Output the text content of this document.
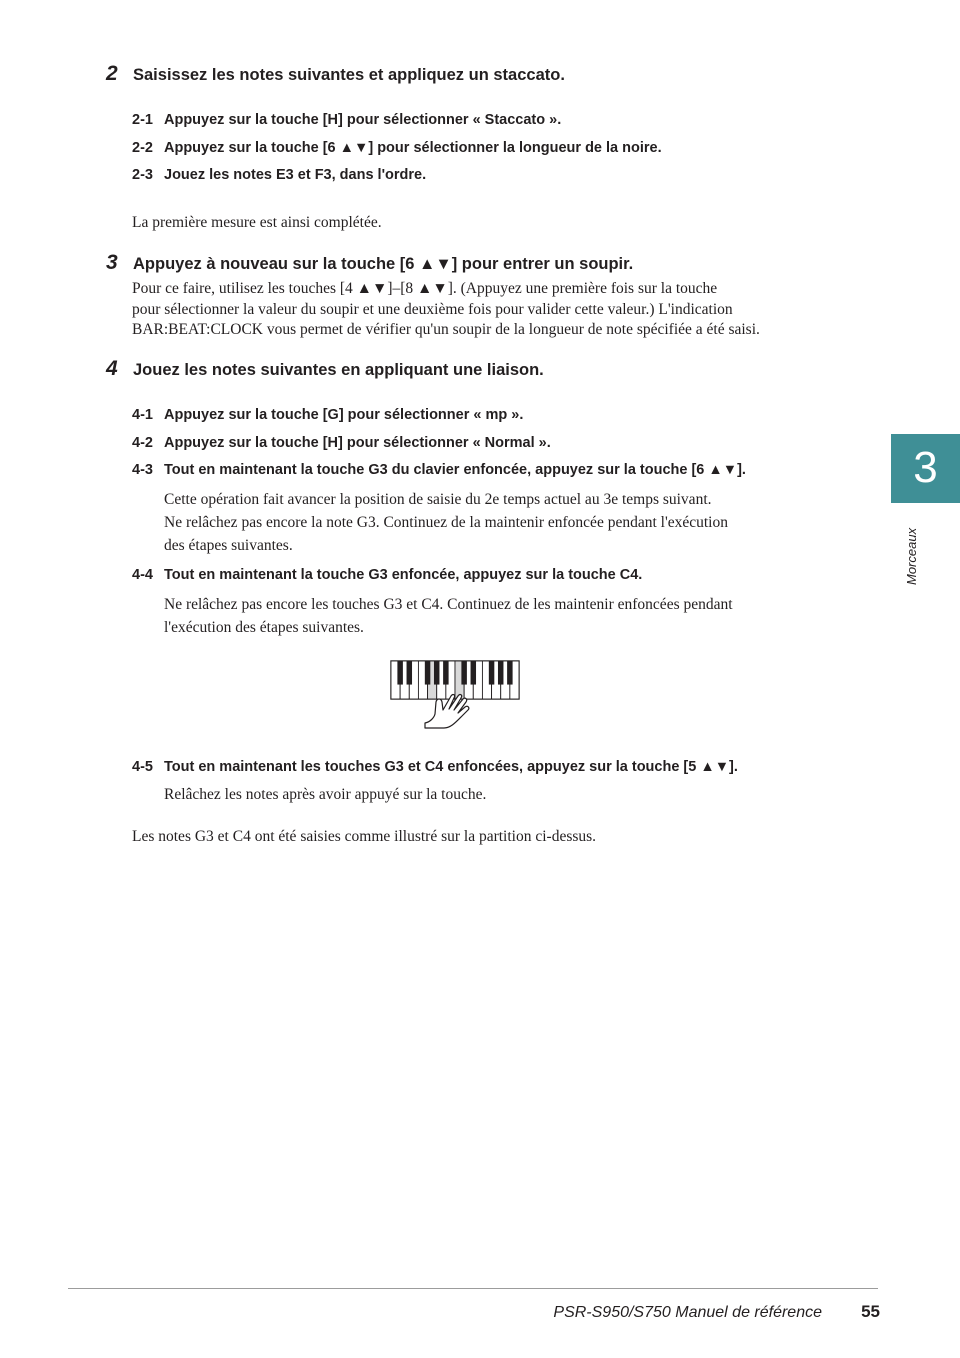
2 Saisissez les notes suivantes et appliquez un staccato.
2-1 Appuyez sur la touche [H] pour sélectionner « Staccato ».
2-2 Appuyez sur la touche [6 ▲▼] pour sélectionner la longueur de la noire.
2-3 Jouez les notes E3 et F3, dans l'ordre.
La première mesure est ainsi complétée.
3 Appuyez à nouveau sur la touche [6 ▲▼] pour entrer un soupir.
Pour ce faire, utilisez les touches [4 ▲▼]–[8 ▲▼]. (Appuyez une première fois sur la touche
pour sélectionner la valeur du soupir et une deuxième fois pour valider cette valeur.) L'indication
BAR:BEAT:CLOCK vous permet de vérifier qu'un soupir de la longueur de note spécifiée a été saisi.
4 Jouez les notes suivantes en appliquant une liaison.
4-1 Appuyez sur la touche [G] pour sélectionner « mp ».
4-2 Appuyez sur la touche [H] pour sélectionner « Normal ».
4-3 Tout en maintenant la touche G3 du clavier enfoncée, appuyez sur la touche [6 ▲▼].
Cette opération fait avancer la position de saisie du 2e temps actuel au 3e temps suivant.
Ne relâchez pas encore la note G3. Continuez de la maintenir enfoncée pendant l'exécution
des étapes suivantes.
4-4 Tout en maintenant la touche G3 enfoncée, appuyez sur la touche C4.
Ne relâchez pas encore les touches G3 et C4. Continuez de les maintenir enfoncées pendant
l'exécution des étapes suivantes.
4-5 Tout en maintenant les touches G3 et C4 enfoncées, appuyez sur la touche [5 ▲▼].
Relâchez les notes après avoir appuyé sur la touche.
Les notes G3 et C4 ont été saisies comme illustré sur la partition ci-dessus.
3
Morceaux
PSR-S950/S750 Manuel de référence	55
